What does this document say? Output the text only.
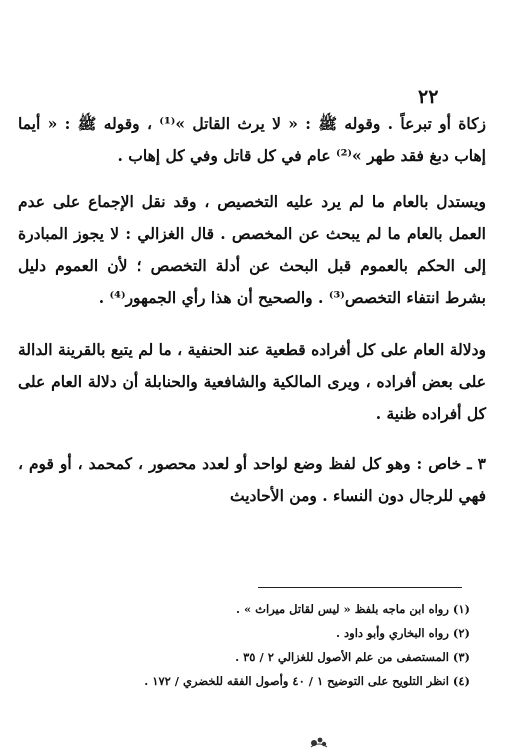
٢٢

زكاة أو تبرعاً . وقوله ﷺ : « لا يرث القاتل »⁽¹⁾ ، وقوله ﷺ : « أيما إهاب دبغ فقد طهر »⁽²⁾ عام في كل قاتل وفي كل إهاب .

ويستدل بالعام ما لم يرد عليه التخصيص ، وقد نقل الإجماع على عدم العمل بالعام ما لم يبحث عن المخصص . قال الغزالي : لا يجوز المبادرة إلى الحكم بالعموم قبل البحث عن أدلة التخصص ؛ لأن العموم دليل بشرط انتفاء التخصص⁽³⁾ . والصحيح أن هذا رأي الجمهور⁽⁴⁾ .

ودلالة العام على كل أفراده قطعية عند الحنفية ، ما لم يتبع بالقرينة الدالة على بعض أفراده ، ويرى المالكية والشافعية والحنابلة أن دلالة العام على كل أفراده ظنية .

٣ ـ خاص : وهو كل لفظ وضع لواحد أو لعدد محصور ، كمحمد ، أو قوم ، فهي للرجال دون النساء . ومن الأحاديث

(١) رواه ابن ماجه بلفظ « ليس لقاتل ميراث » .

(٢) رواه البخاري وأبو داود .

(٣) المستصفى من علم الأصول للغزالي ٢ / ٣٥ .

(٤) انظر التلويح على التوضيح ١ / ٤٠ وأصول الفقه للخضري / ١٧٢ .
